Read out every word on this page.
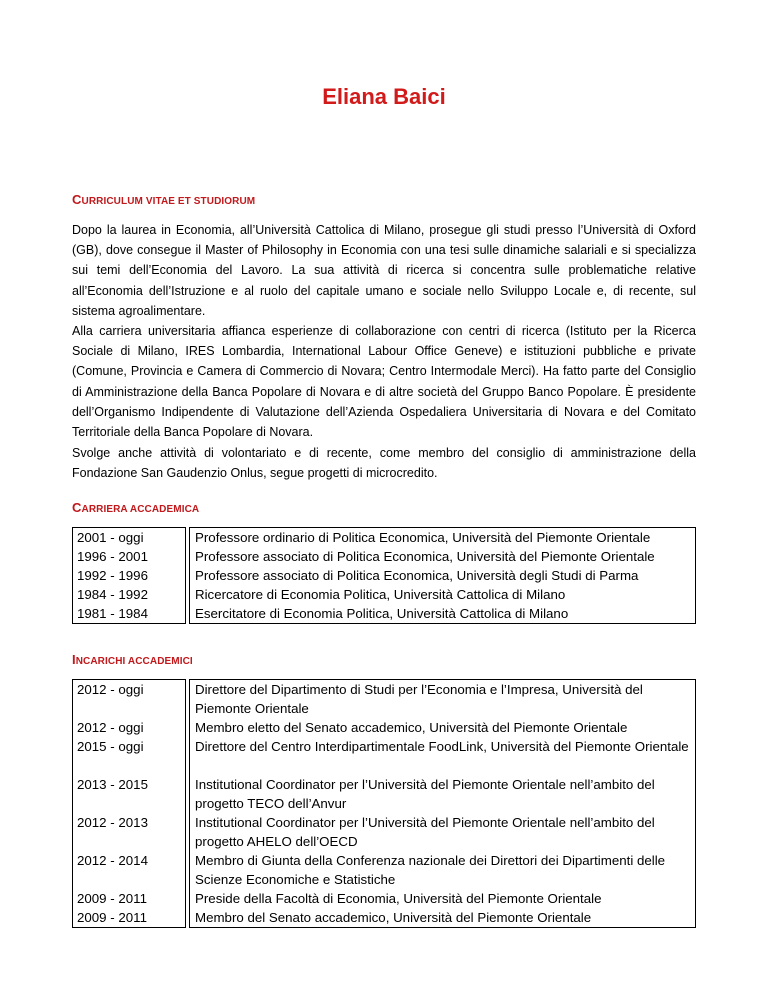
Eliana Baici
CURRICULUM VITAE ET STUDIORUM

Dopo la laurea in Economia, all’Università Cattolica di Milano, prosegue gli studi presso l’Università di Oxford (GB), dove consegue il Master of Philosophy in Economia con una tesi sulle dinamiche salariali e si specializza sui temi dell’Economia del Lavoro. La sua attività di ricerca si concentra sulle problematiche relative all’Economia dell’Istruzione e al ruolo del capitale umano e sociale nello Sviluppo Locale e, di recente, sul sistema agroalimentare.

Alla carriera universitaria affianca esperienze di collaborazione con centri di ricerca (Istituto per la Ricerca Sociale di Milano, IRES Lombardia, International Labour Office Geneve) e istituzioni pubbliche e private (Comune, Provincia e Camera di Commercio di Novara; Centro Intermodale Merci). Ha fatto parte del Consiglio di Amministrazione della Banca Popolare di Novara e di altre società del Gruppo Banco Popolare. È presidente dell’Organismo Indipendente di Valutazione dell’Azienda Ospedaliera Universitaria di Novara e del Comitato Territoriale della Banca Popolare di Novara.

Svolge anche attività di volontariato e di recente, come membro del consiglio di amministrazione della Fondazione San Gaudenzio Onlus, segue progetti di microcredito.

CARRIERA ACCADEMICA
2001 - oggi		Professore ordinario di Politica Economica, Università del Piemonte Orientale
1996 - 2001		Professore associato di Politica Economica, Università del Piemonte Orientale
1992 - 1996		Professore associato di Politica Economica, Università degli Studi di Parma
1984 - 1992		Ricercatore di Economia Politica, Università Cattolica di Milano
1981 - 1984		Esercitatore di Economia Politica, Università Cattolica di Milano
INCARICHI ACCADEMICI
2012 - oggi		Direttore del Dipartimento di Studi per l’Economia e l’Impresa, Università del Piemonte Orientale
2012 - oggi		Membro eletto del Senato accademico, Università del Piemonte Orientale
2015 - oggi		Direttore del Centro Interdipartimentale FoodLink, Università del Piemonte Orientale
2013 - 2015		Institutional Coordinator per l’Università del Piemonte Orientale nell’ambito del progetto TECO dell’Anvur
2012 - 2013		Institutional Coordinator per l’Università del Piemonte Orientale nell’ambito del progetto AHELO dell’OECD
2012 - 2014		Membro di Giunta della Conferenza nazionale dei Direttori dei Dipartimenti delle Scienze Economiche e Statistiche
2009 - 2011		Preside della Facoltà di Economia, Università del Piemonte Orientale
2009 - 2011		Membro del Senato accademico, Università del Piemonte Orientale
